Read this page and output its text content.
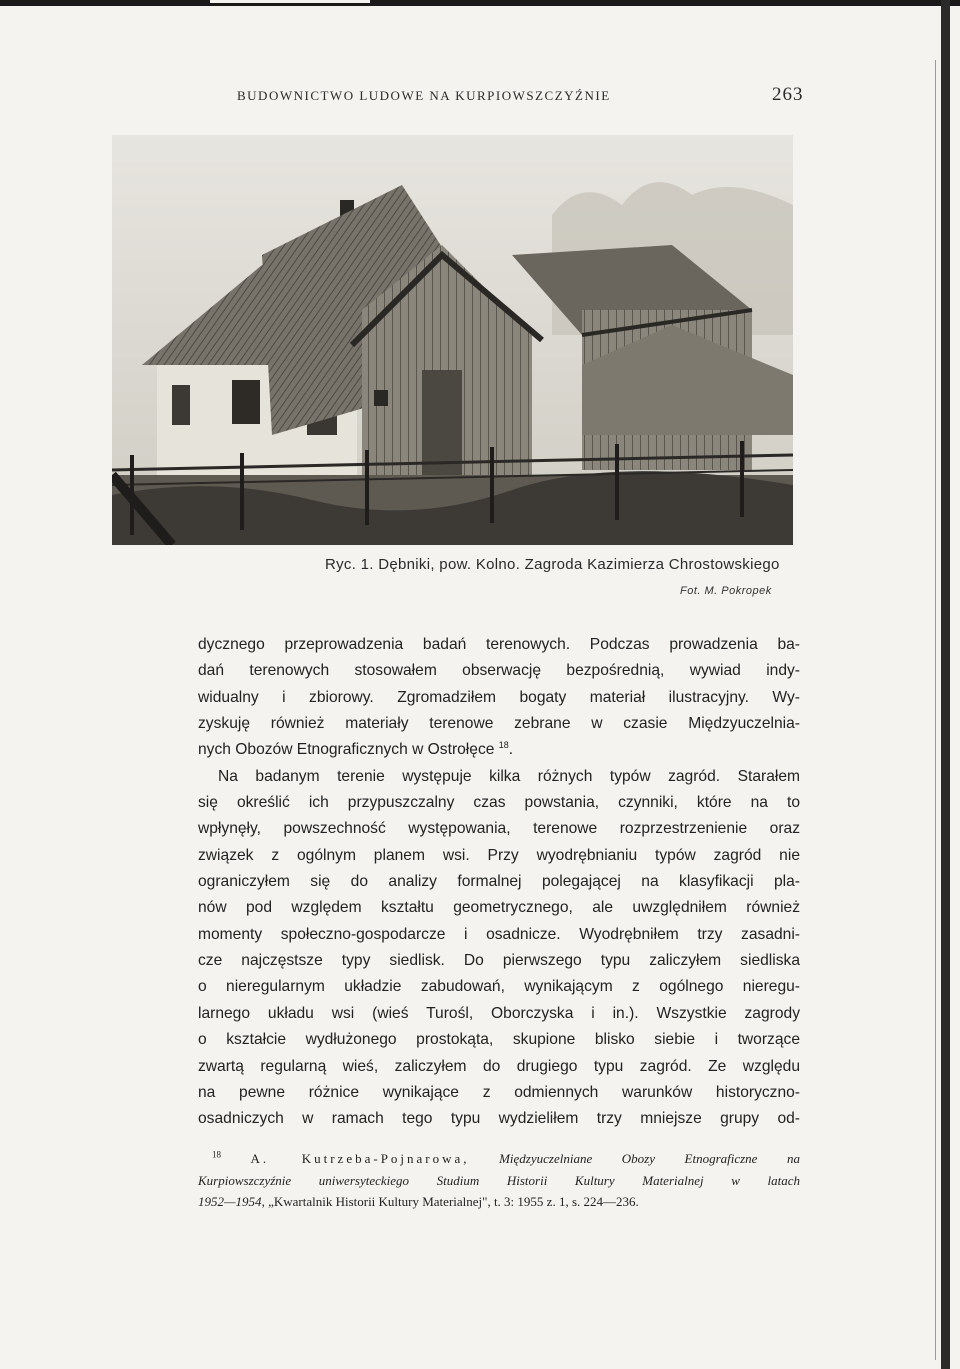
BUDOWNICTWO LUDOWE NA KURPIOWSZCZYŹNIE	263
Ryc. 1. Dębniki, pow. Kolno. Zagroda Kazimierza Chrostowskiego
Fot. M. Pokropek
dycznego przeprowadzenia badań terenowych. Podczas prowadzenia ba-
dań terenowych stosowałem obserwację bezpośrednią, wywiad indy-
widualny i zbiorowy. Zgromadziłem bogaty materiał ilustracyjny. Wy-
zyskuję również materiały terenowe zebrane w czasie Międzyuczelnia-
nych Obozów Etnograficznych w Ostrołęce $^{18}$.
Na badanym terenie występuje kilka różnych typów zagród. Starałem
się określić ich przypuszczalny czas powstania, czynniki, które na to
wpłynęły, powszechność występowania, terenowe rozprzestrzenienie oraz
związek z ogólnym planem wsi. Przy wyodrębnianiu typów zagród nie
ograniczyłem się do analizy formalnej polegającej na klasyfikacji pla-
nów pod względem kształtu geometrycznego, ale uwzględniłem również
momenty społeczno-gospodarcze i osadnicze. Wyodrębniłem trzy zasadni-
cze najczęstsze typy siedlisk. Do pierwszego typu zaliczyłem siedliska
o nieregularnym układzie zabudowań, wynikającym z ogólnego nieregu-
larnego układu wsi (wieś Turośl, Oborczyska i in.). Wszystkie zagrody
o kształcie wydłużonego prostokąta, skupione blisko siebie i tworzące
zwartą regularną wieś, zaliczyłem do drugiego typu zagród. Ze względu
na pewne różnice wynikające z odmiennych warunków historyczno-
osadniczych w ramach tego typu wydzieliłem trzy mniejsze grupy od-
$^{18}$ A. Kutrzeba-Pojnarowa, Międzyuczelniane Obozy Etnograficzne na
Kurpiowszczyźnie uniwersyteckiego Studium Historii Kultury Materialnej w latach
1952—1954, „Kwartalnik Historii Kultury Materialnej", t. 3: 1955 z. 1, s. 224—236.
